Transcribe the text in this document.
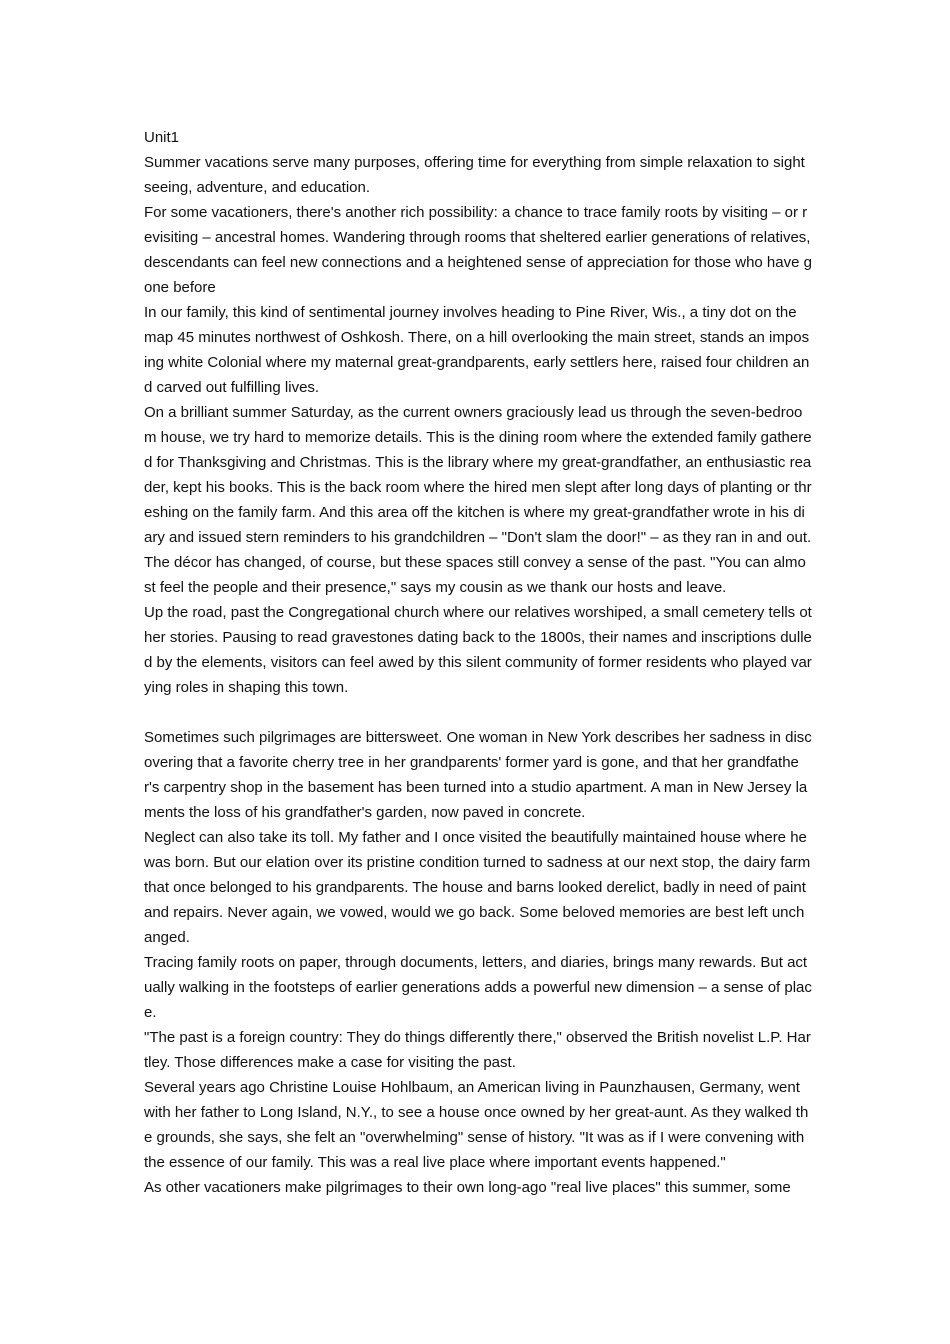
Unit1

Summer vacations serve many purposes, offering time for everything from simple relaxation to sightseeing, adventure, and education.

For some vacationers, there's another rich possibility: a chance to trace family roots by visiting – or revisiting – ancestral homes. Wandering through rooms that sheltered earlier generations of relatives, descendants can feel new connections and a heightened sense of appreciation for those who have gone before

In our family, this kind of sentimental journey involves heading to Pine River, Wis., a tiny dot on the map 45 minutes northwest of Oshkosh. There, on a hill overlooking the main street, stands an imposing white Colonial where my maternal great-grandparents, early settlers here, raised four children and carved out fulfilling lives.

On a brilliant summer Saturday, as the current owners graciously lead us through the seven-bedroom house, we try hard to memorize details. This is the dining room where the extended family gathered for Thanksgiving and Christmas. This is the library where my great-grandfather, an enthusiastic reader, kept his books. This is the back room where the hired men slept after long days of planting or threshing on the family farm. And this area off the kitchen is where my great-grandfather wrote in his diary and issued stern reminders to his grandchildren – "Don't slam the door!" – as they ran in and out.

The décor has changed, of course, but these spaces still convey a sense of the past. "You can almost feel the people and their presence," says my cousin as we thank our hosts and leave.

Up the road, past the Congregational church where our relatives worshiped, a small cemetery tells other stories. Pausing to read gravestones dating back to the 1800s, their names and inscriptions dulled by the elements, visitors can feel awed by this silent community of former residents who played varying roles in shaping this town.

Sometimes such pilgrimages are bittersweet. One woman in New York describes her sadness in discovering that a favorite cherry tree in her grandparents' former yard is gone, and that her grandfather's carpentry shop in the basement has been turned into a studio apartment. A man in New Jersey laments the loss of his grandfather's garden, now paved in concrete.

Neglect can also take its toll. My father and I once visited the beautifully maintained house where he was born. But our elation over its pristine condition turned to sadness at our next stop, the dairy farm that once belonged to his grandparents. The house and barns looked derelict, badly in need of paint and repairs. Never again, we vowed, would we go back. Some beloved memories are best left unchanged.

Tracing family roots on paper, through documents, letters, and diaries, brings many rewards. But actually walking in the footsteps of earlier generations adds a powerful new dimension – a sense of place.

"The past is a foreign country: They do things differently there," observed the British novelist L.P. Hartley. Those differences make a case for visiting the past.

Several years ago Christine Louise Hohlbaum, an American living in Paunzhausen, Germany, went with her father to Long Island, N.Y., to see a house once owned by her great-aunt. As they walked the grounds, she says, she felt an "overwhelming" sense of history. "It was as if I were convening with the essence of our family. This was a real live place where important events happened."

As other vacationers make pilgrimages to their own long-ago "real live places" this summer, some
